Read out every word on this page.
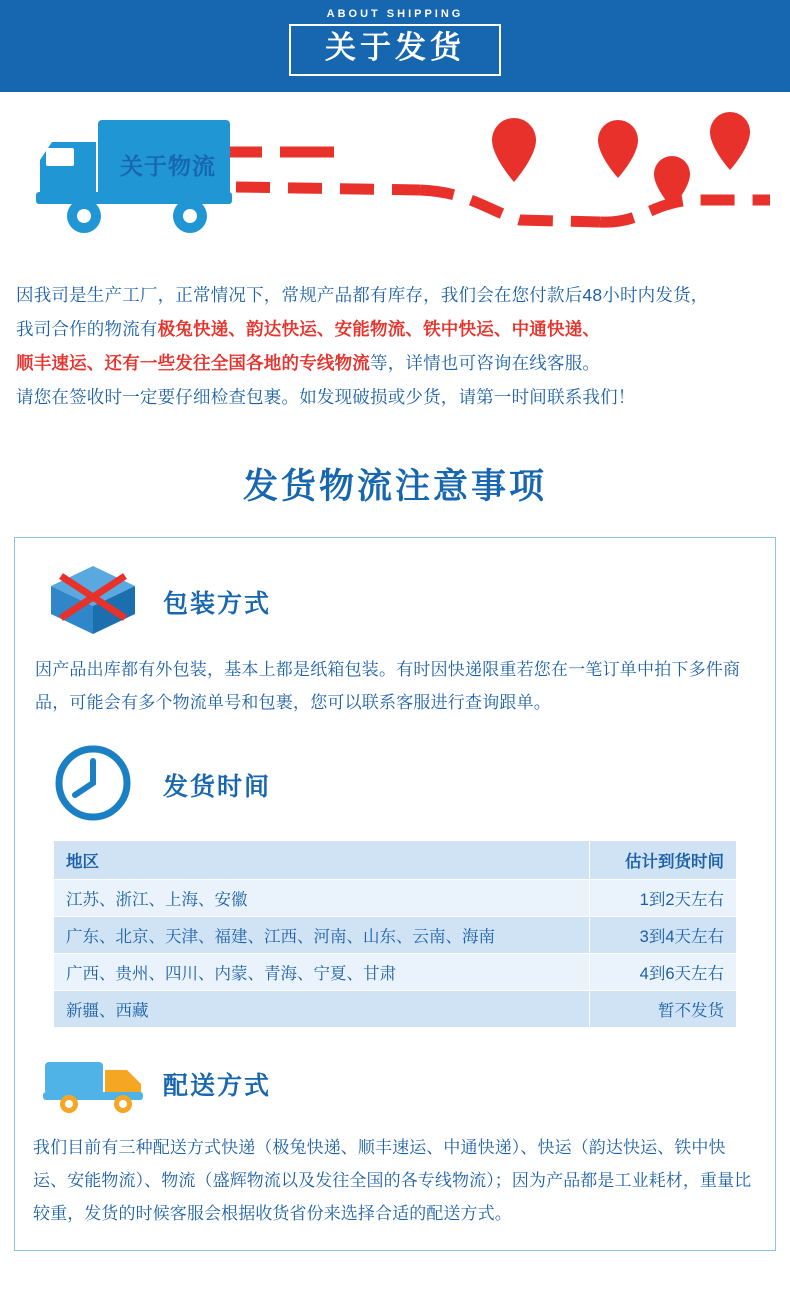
ABOUT SHIPPING
关于发货
关于物流
因我司是生产工厂，正常情况下，常规产品都有库存，我们会在您付款后48小时内发货，
我司合作的物流有极兔快递、韵达快运、安能物流、铁中快运、中通快递、
顺丰速运、还有一些发往全国各地的专线物流等，详情也可咨询在线客服。
请您在签收时一定要仔细检查包裹。如发现破损或少货，请第一时间联系我们！
发货物流注意事项
包装方式
因产品出库都有外包装，基本上都是纸箱包装。有时因快递限重若您在一笔订单中拍下多件商品，可能会有多个物流单号和包裹，您可以联系客服进行查询跟单。
发货时间
地区	估计到货时间
江苏、浙江、上海、安徽	1到2天左右
广东、北京、天津、福建、江西、河南、山东、云南、海南	3到4天左右
广西、贵州、四川、内蒙、青海、宁夏、甘肃	4到6天左右
新疆、西藏	暂不发货
配送方式
我们目前有三种配送方式快递（极兔快递、顺丰速运、中通快递）、快运（韵达快运、铁中快运、安能物流）、物流（盛辉物流以及发往全国的各专线物流）；因为产品都是工业耗材，重量比较重，发货的时候客服会根据收货省份来选择合适的配送方式。
